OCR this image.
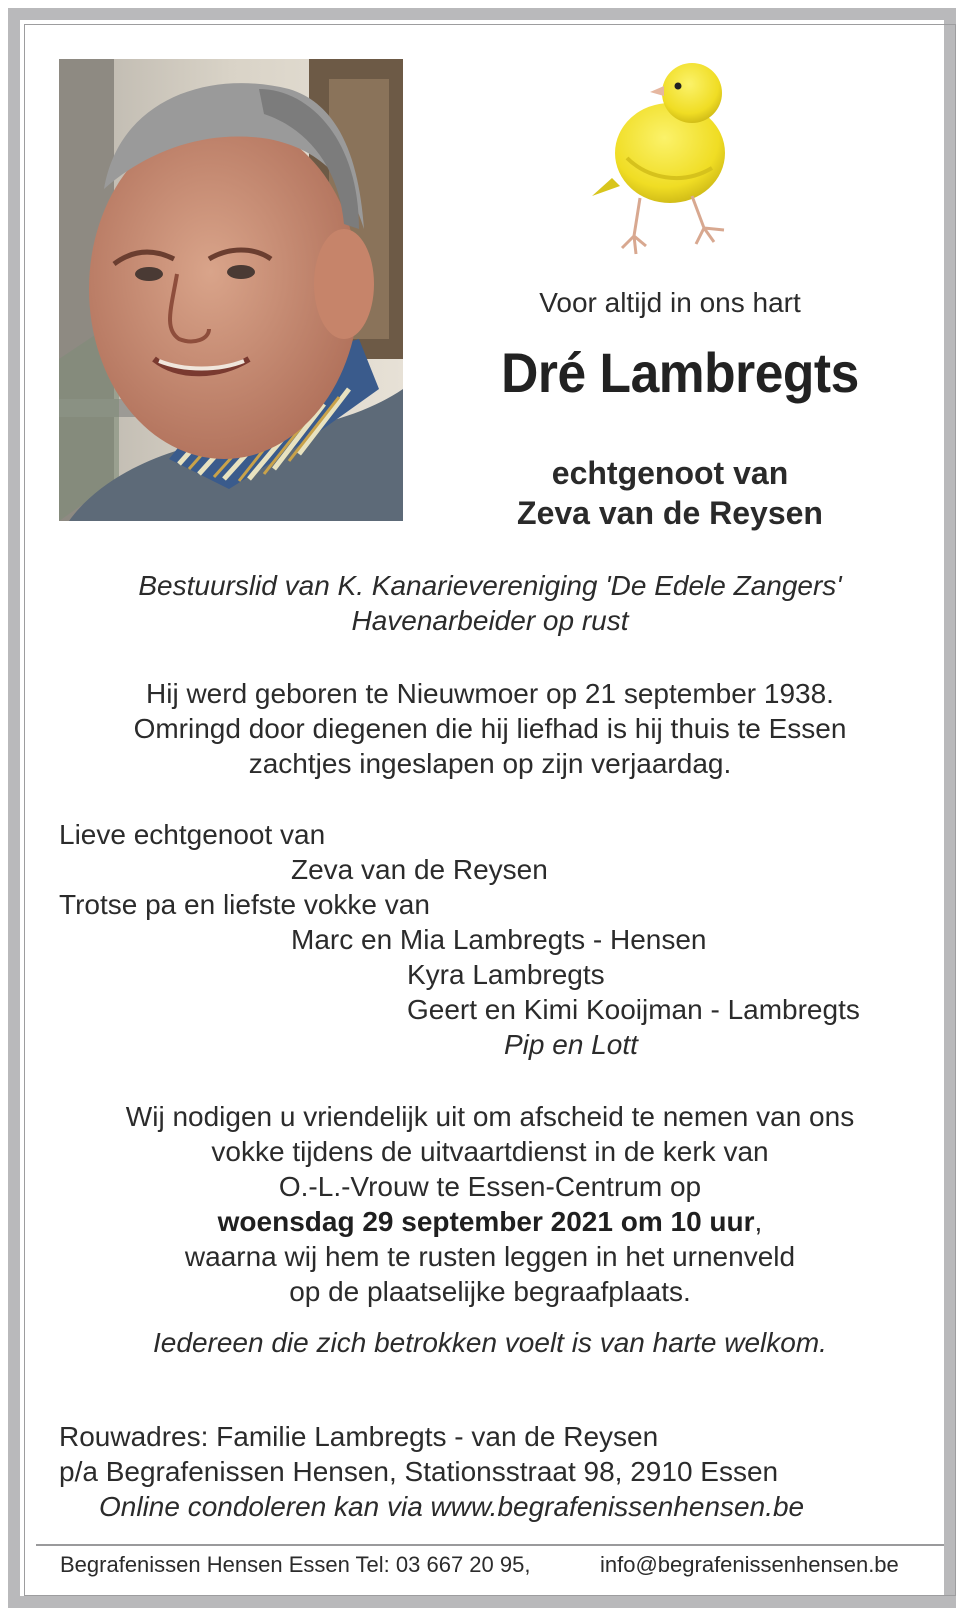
Voor altijd in ons hart
Dré Lambregts
echtgenoot van
Zeva van de Reysen
Bestuurslid van K. Kanarievereniging 'De Edele Zangers'
Havenarbeider op rust
Hij werd geboren te Nieuwmoer op 21 september 1938.
Omringd door diegenen die hij liefhad is hij thuis te Essen
zachtjes ingeslapen op zijn verjaardag.
Lieve echtgenoot van
Zeva van de Reysen
Trotse pa en liefste vokke van
Marc en Mia Lambregts - Hensen
Kyra Lambregts
Geert en Kimi Kooijman - Lambregts
Pip en Lott
Wij nodigen u vriendelijk uit om afscheid te nemen van ons
vokke tijdens de uitvaartdienst in de kerk van
O.-L.-Vrouw te Essen-Centrum op
woensdag 29 september 2021 om 10 uur,
waarna wij hem te rusten leggen in het urnenveld
op de plaatselijke begraafplaats.
Iedereen die zich betrokken voelt is van harte welkom.
Rouwadres: Familie Lambregts - van de Reysen
p/a Begrafenissen Hensen, Stationsstraat 98, 2910 Essen
Online condoleren kan via www.begrafenissenhensen.be
Begrafenissen Hensen Essen Tel: 03 667 20 95,	info@begrafenissenhensen.be
